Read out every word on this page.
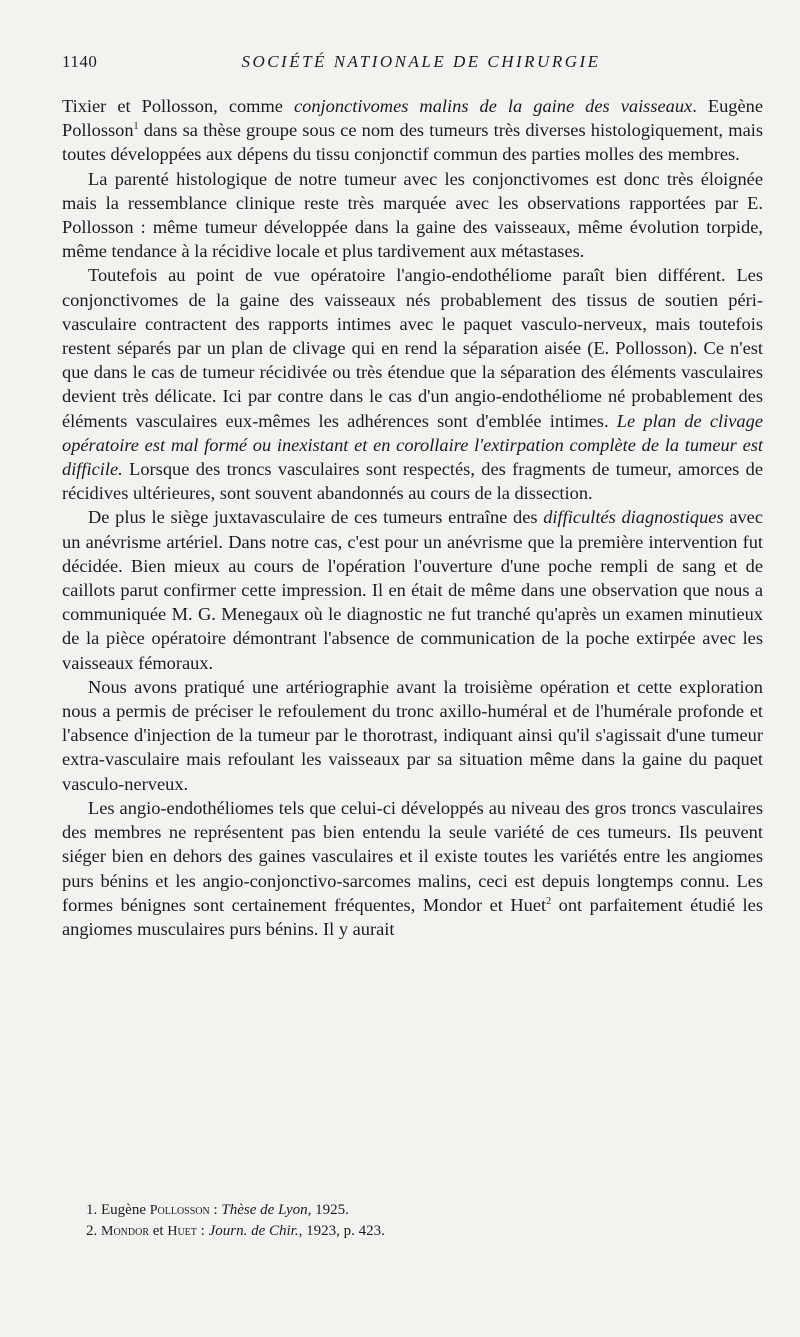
1140	SOCIÉTÉ NATIONALE DE CHIRURGIE

Tixier et Pollosson, comme conjonctivomes malins de la gaine des vaisseaux. Eugène Pollosson$^1$ dans sa thèse groupe sous ce nom des tumeurs très diverses histologiquement, mais toutes développées aux dépens du tissu conjonctif commun des parties molles des membres.

La parenté histologique de notre tumeur avec les conjonctivomes est donc très éloignée mais la ressemblance clinique reste très marquée avec les observations rapportées par E. Pollosson : même tumeur développée dans la gaine des vaisseaux, même évolution torpide, même tendance à la récidive locale et plus tardivement aux métastases.

Toutefois au point de vue opératoire l'angio-endothéliome paraît bien différent. Les conjonctivomes de la gaine des vaisseaux nés probablement des tissus de soutien péri-vasculaire contractent des rapports intimes avec le paquet vasculo-nerveux, mais toutefois restent séparés par un plan de clivage qui en rend la séparation aisée (E. Pollosson). Ce n'est que dans le cas de tumeur récidivée ou très étendue que la séparation des éléments vasculaires devient très délicate. Ici par contre dans le cas d'un angio-endothéliome né probablement des éléments vasculaires eux-mêmes les adhérences sont d'emblée intimes. Le plan de clivage opératoire est mal formé ou inexistant et en corollaire l'extirpation complète de la tumeur est difficile. Lorsque des troncs vasculaires sont respectés, des fragments de tumeur, amorces de récidives ultérieures, sont souvent abandonnés au cours de la dissection.

De plus le siège juxtavasculaire de ces tumeurs entraîne des difficultés diagnostiques avec un anévrisme artériel. Dans notre cas, c'est pour un anévrisme que la première intervention fut décidée. Bien mieux au cours de l'opération l'ouverture d'une poche rempli de sang et de caillots parut confirmer cette impression. Il en était de même dans une observation que nous a communiquée M. G. Menegaux où le diagnostic ne fut tranché qu'après un examen minutieux de la pièce opératoire démontrant l'absence de communication de la poche extirpée avec les vaisseaux fémoraux.

Nous avons pratiqué une artériographie avant la troisième opération et cette exploration nous a permis de préciser le refoulement du tronc axillo-huméral et de l'humérale profonde et l'absence d'injection de la tumeur par le thorotrast, indiquant ainsi qu'il s'agissait d'une tumeur extra-vasculaire mais refoulant les vaisseaux par sa situation même dans la gaine du paquet vasculo-nerveux.

Les angio-endothéliomes tels que celui-ci développés au niveau des gros troncs vasculaires des membres ne représentent pas bien entendu la seule variété de ces tumeurs. Ils peuvent siéger bien en dehors des gaines vasculaires et il existe toutes les variétés entre les angiomes purs bénins et les angio-conjonctivo-sarcomes malins, ceci est depuis longtemps connu. Les formes bénignes sont certainement fréquentes, Mondor et Huet$^2$ ont parfaitement étudié les angiomes musculaires purs bénins. Il y aurait

1. Eugène Pollosson : Thèse de Lyon, 1925.
2. Mondor et Huet : Journ. de Chir., 1923, p. 423.
